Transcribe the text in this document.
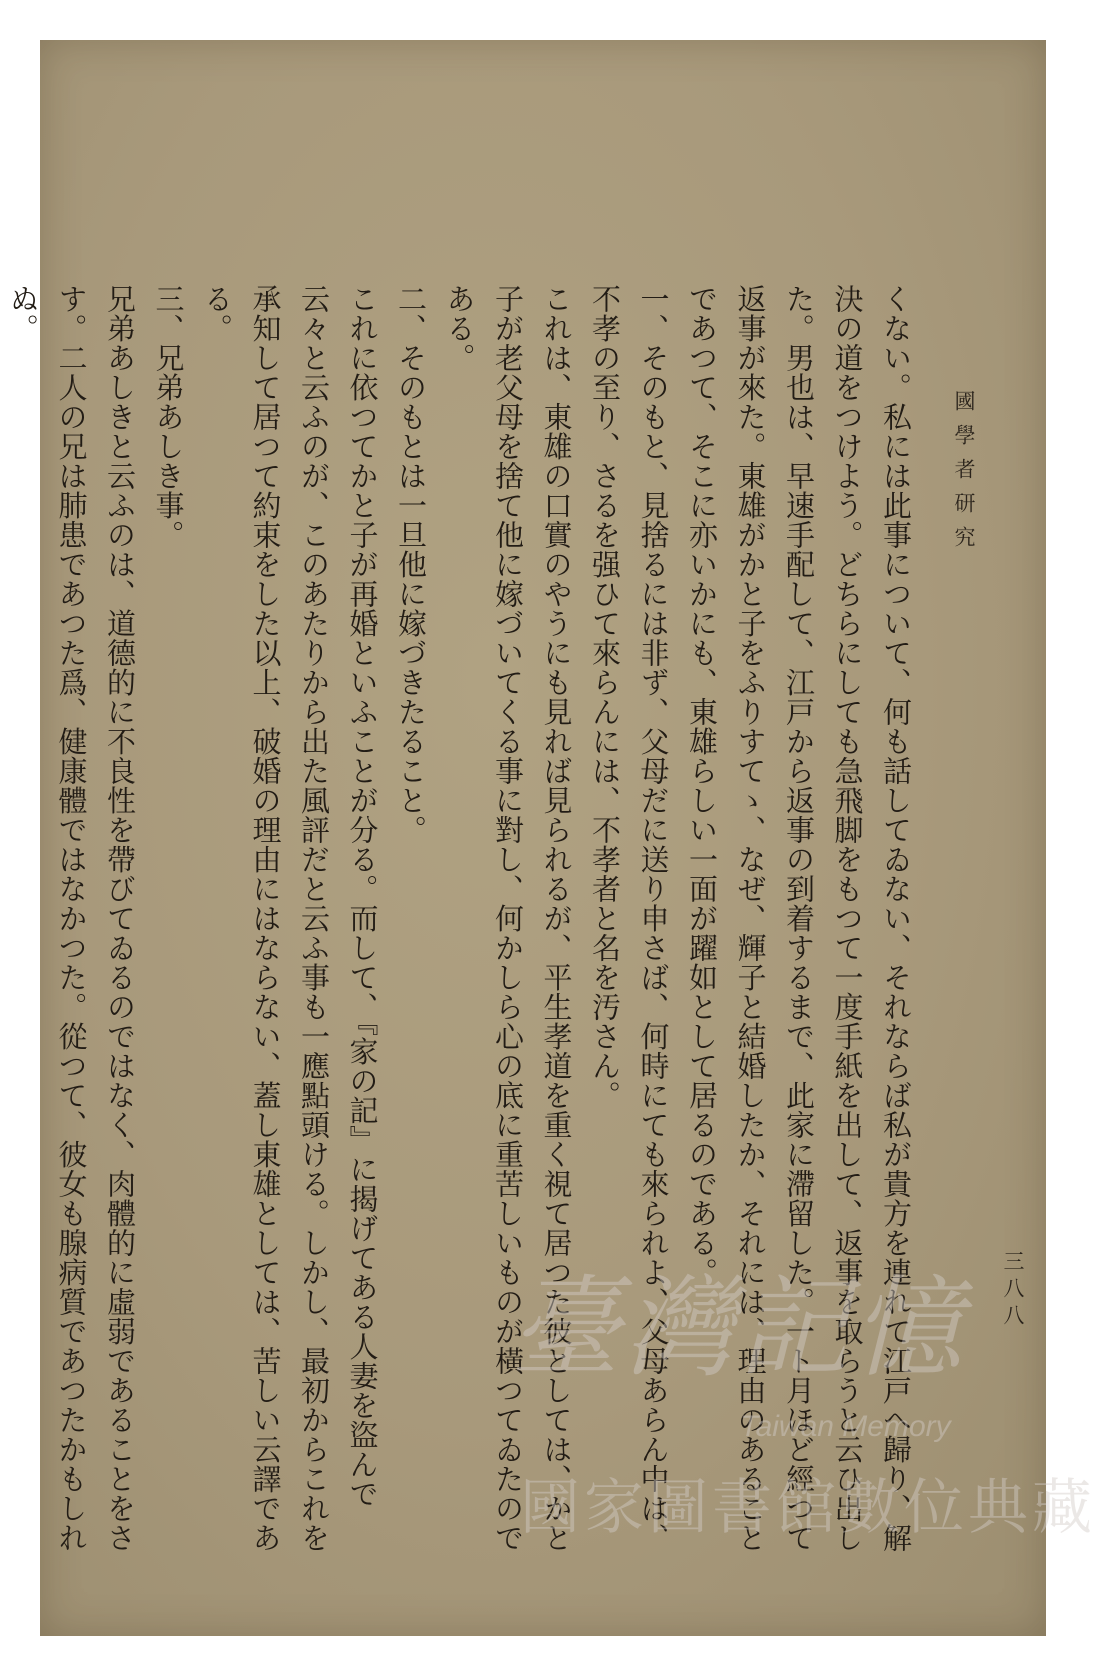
國學者研究
三八八

くない。私には此事について、何も話してゐない、それならば私が貴方を連れて江戸へ歸り、解決の道をつけよう。どちらにしても急飛脚をもつて一度手紙を出して、返事を取らうと云ひ出した。男也は、早速手配して、江戸から返事の到着するまで、此家に滯留した。一ト月ほど經つて返事が來た。東雄がかと子をふりすてゝ、なぜ、輝子と結婚したか、それには、理由のあることであつて、そこに亦いかにも、東雄らしい一面が躍如として居るのである。

一、そのもと、見捨るには非ず、父母だに送り申さば、何時にても來られよ、父母あらん中は、不孝の至り、さるを强ひて來らんには、不孝者と名を汚さん。

これは、東雄の口實のやうにも見れば見られるが、平生孝道を重く視て居つた彼としては、かと子が老父母を捨て他に嫁づいてくる事に對し、何かしら心の底に重苦しいものが橫つてゐたのである。

二、そのもとは一旦他に嫁づきたること。

これに依つてかと子が再婚といふことが分る。而して、『家の記』に揭げてある人妻を盜んで云々と云ふのが、このあたりから出た風評だと云ふ事も一應點頭ける。しかし、最初からこれを承知して居つて約束をした以上、破婚の理由にはならない、蓋し東雄としては、苦しい云譯である。

三、兄弟あしき事。

兄弟あしきと云ふのは、道德的に不良性を帶びてゐるのではなく、肉體的に虛弱であることをさす。二人の兄は肺患であつた爲、健康體ではなかつた。從つて、彼女も腺病質であつたかもしれぬ。

臺灣記憶
Taiwan Memory
國家圖書館數位典藏
